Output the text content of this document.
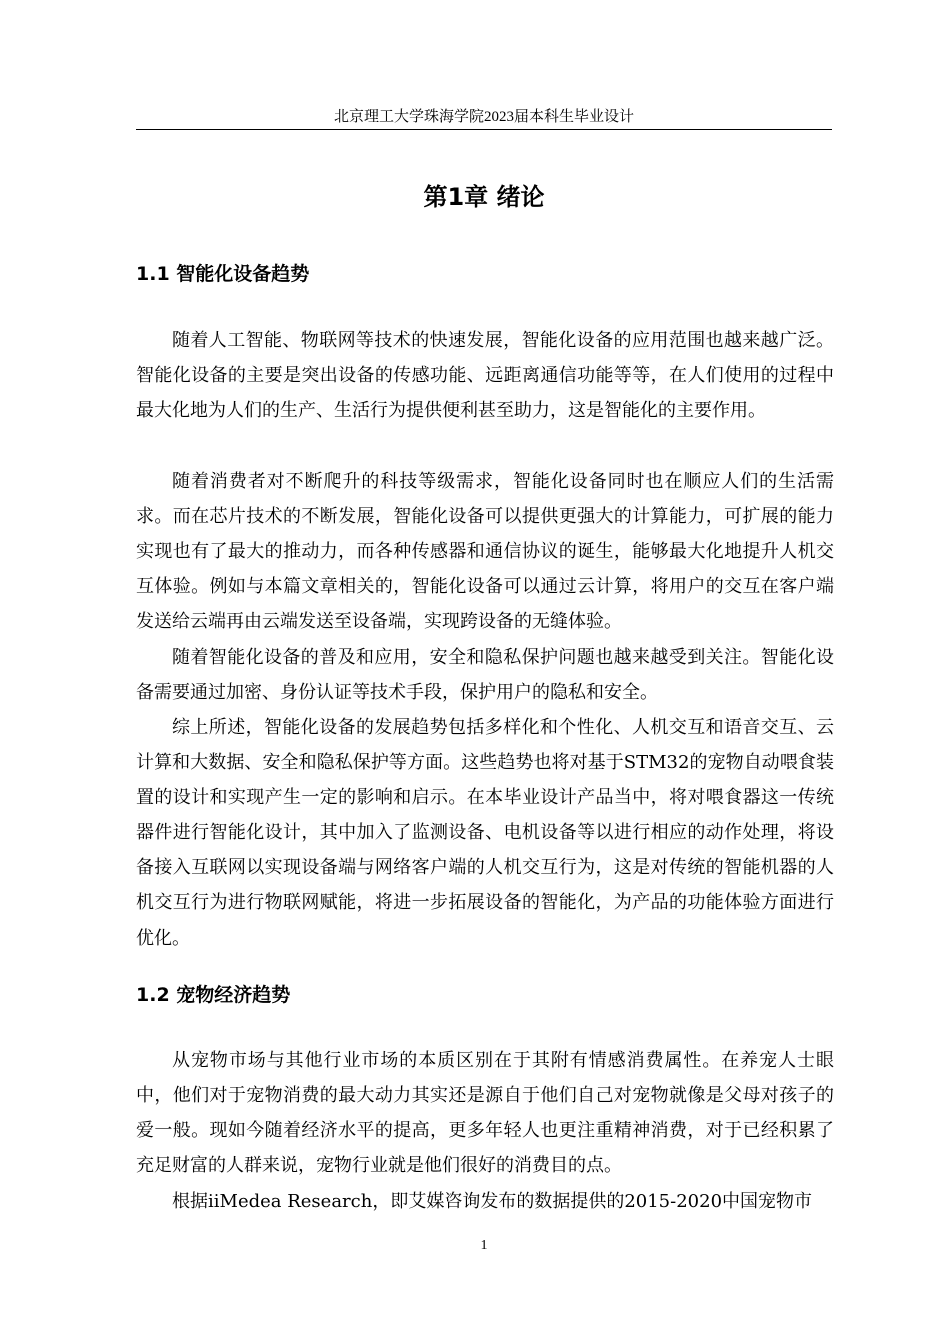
北京理工大学珠海学院2023届本科生毕业设计
第1章 绪论
1.1 智能化设备趋势

随着人工智能、物联网等技术的快速发展，智能化设备的应用范围也越来越广泛。智能化设备的主要是突出设备的传感功能、远距离通信功能等等，在人们使用的过程中最大化地为人们的生产、生活行为提供便利甚至助力，这是智能化的主要作用。

随着消费者对不断爬升的科技等级需求，智能化设备同时也在顺应人们的生活需求。而在芯片技术的不断发展，智能化设备可以提供更强大的计算能力，可扩展的能力实现也有了最大的推动力，而各种传感器和通信协议的诞生，能够最大化地提升人机交互体验。例如与本篇文章相关的，智能化设备可以通过云计算，将用户的交互在客户端发送给云端再由云端发送至设备端，实现跨设备的无缝体验。

随着智能化设备的普及和应用，安全和隐私保护问题也越来越受到关注。智能化设备需要通过加密、身份认证等技术手段，保护用户的隐私和安全。

综上所述，智能化设备的发展趋势包括多样化和个性化、人机交互和语音交互、云计算和大数据、安全和隐私保护等方面。这些趋势也将对基于STM32的宠物自动喂食装置的设计和实现产生一定的影响和启示。在本毕业设计产品当中，将对喂食器这一传统器件进行智能化设计，其中加入了监测设备、电机设备等以进行相应的动作处理，将设备接入互联网以实现设备端与网络客户端的人机交互行为，这是对传统的智能机器的人机交互行为进行物联网赋能，将进一步拓展设备的智能化，为产品的功能体验方面进行优化。

1.2 宠物经济趋势

从宠物市场与其他行业市场的本质区别在于其附有情感消费属性。在养宠人士眼中，他们对于宠物消费的最大动力其实还是源自于他们自己对宠物就像是父母对孩子的爱一般。现如今随着经济水平的提高，更多年轻人也更注重精神消费，对于已经积累了充足财富的人群来说，宠物行业就是他们很好的消费目的点。

根据iiMedea Research，即艾媒咨询发布的数据提供的2015-2020中国宠物市

1
